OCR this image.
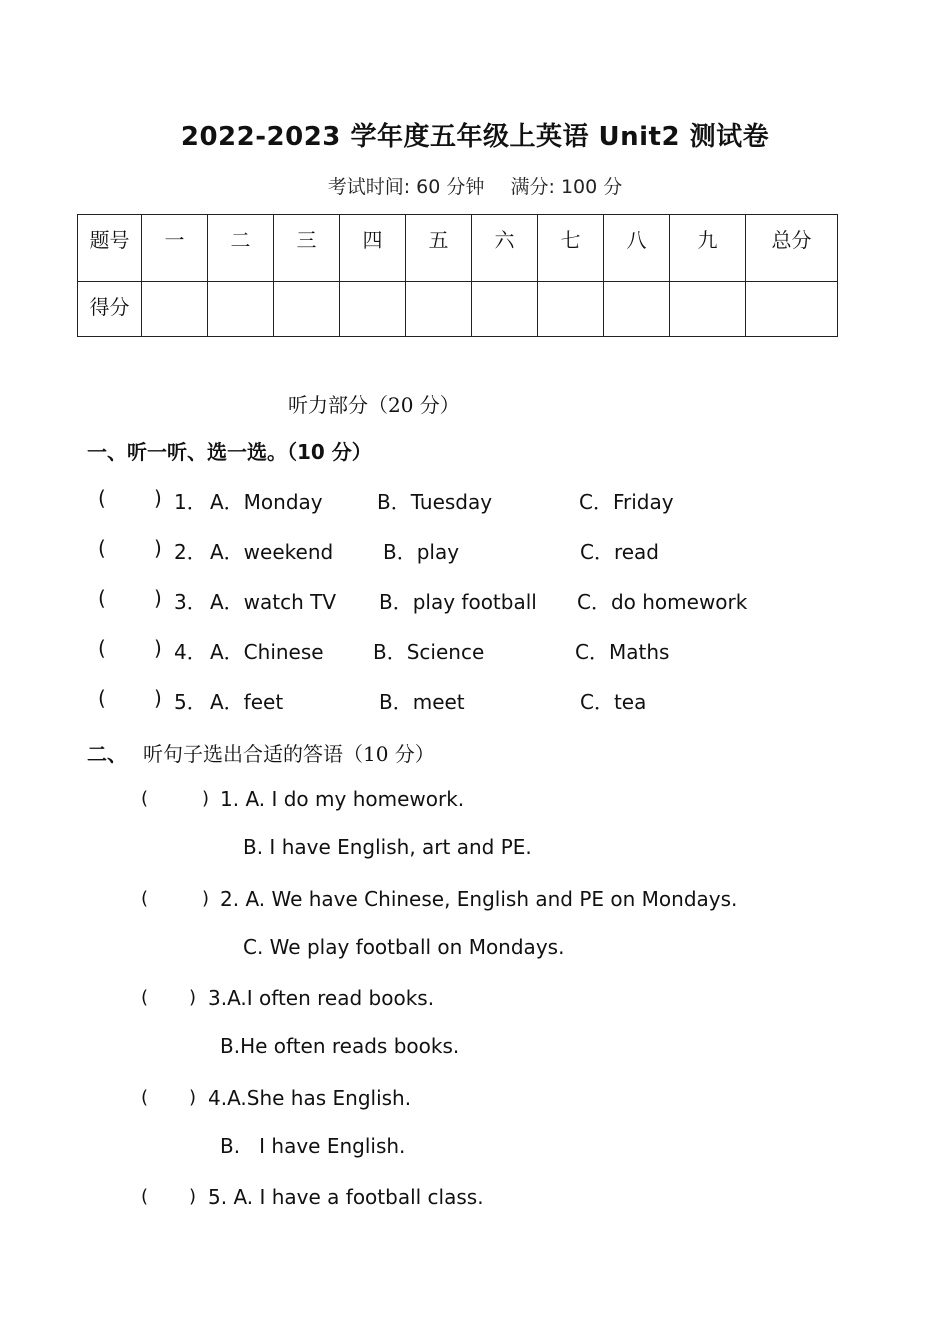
2022-2023 学年度五年级上英语 Unit2 测试卷
考试时间: 60 分钟 满分: 100 分
题号	一	二	三	四	五	六	七	八	九	总分
得分										
听力部分（20 分）
一、听一听、选一选。（10 分）
( ) 1． A．Monday	B．Tuesday	C．Friday
( ) 2． A．weekend B．play	C．read
( ) 3． A．watch TV B．play football C．do homework
( ) 4． A．Chinese B．Science	C．Maths
( ) 5． A．feet	B．meet	C．tea
二、 听句子选出合适的答语（10 分）
(	) 1. A. I do my homework.
B. I have English, art and PE.
(	) 2. A. We have Chinese, English and PE on Mondays.
C. We play football on Mondays.
( ) 3.A.I often read books.
B.He often reads books.
( ) 4.A.She has English.
B.   I have English.
( ) 5. A. I have a football class.
